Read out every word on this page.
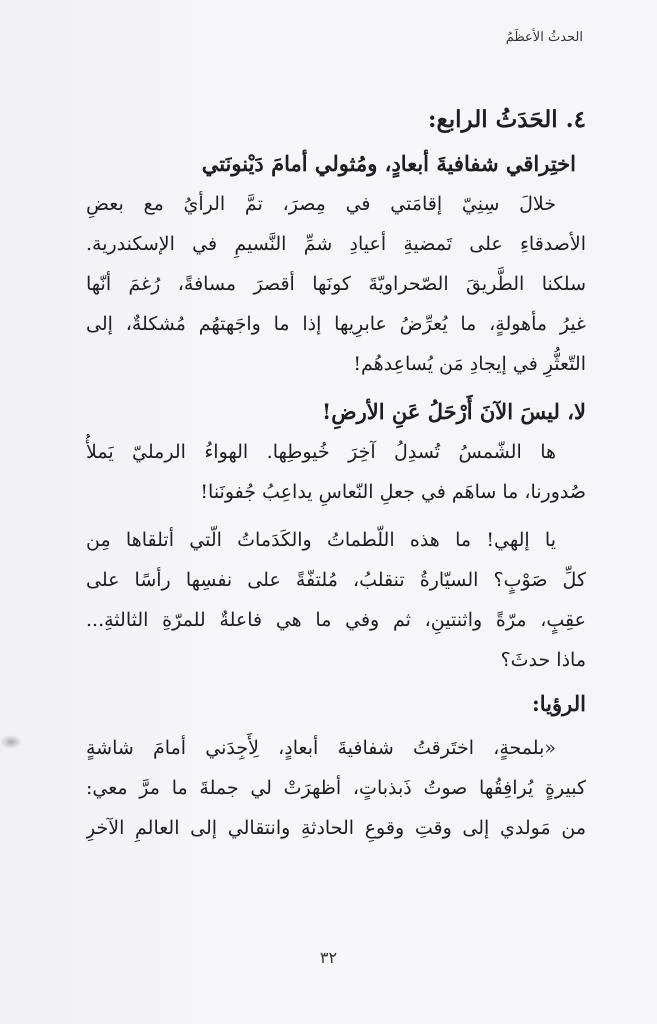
الحدثُ الأعظَمُ
٤. الحَدَثُ الرابع:
اختِراقي شفافيةَ أبعادٍ، ومُثولي أمامَ دَيْنونَتي

خلالَ سِنِيّ إقامَتي في مِصرَ، تمَّ الرأيُ مع بعضِ

الأصدقاءِ على تَمضيةِ أعيادِ شمِّ النَّسيمِ في الإسكندرية.

سلكنا الطَّريقَ الصّحراويّةَ كونَها أقصرَ مسافةً، رُغمَ أنّها

غيرُ مأهولةٍ، ما يُعرِّضُ عابرِيها إذا ما واجَهتهُم مُشكلةٌ، إلى

التّعثُّرِ في إيجادِ مَن يُساعِدهُم!

لا، ليسَ الآنَ أَرْحَلُ عَنِ الأرضِ!

ها الشّمسُ تُسدِلُ آخِرَ خُيوطِها. الهواءُ الرمليّ يَملأُ

صُدورنا، ما ساهَم في جعلِ النّعاسِ يداعِبُ جُفونَنا!

يا إلهي! ما هذه اللّطماتُ والكَدَماتُ الّتي أتلقاها مِن

كلِّ صَوْبٍ؟ السيّارةُ تنقلبُ، مُلتفّةً على نفسِها رأسًا على

عقِبٍ، مرّةً واثنتينِ، ثم وفي ما هي فاعلةٌ للمرّةِ الثالثةِ...

ماذا حدثَ؟

الرؤيا:

«بلمحةٍ، اختَرقتُ شفافيةَ أبعادٍ، لِأَجِدَني أمامَ شاشةٍ

كبيرةٍ يُرافِقُها صوتُ ذَبذباتٍ، أظهرَتْ لي جملةَ ما مرَّ معي:

من مَولدي إلى وقتِ وقوعِ الحادثةِ وانتقالي إلى العالمِ الآخرِ

٣٢
